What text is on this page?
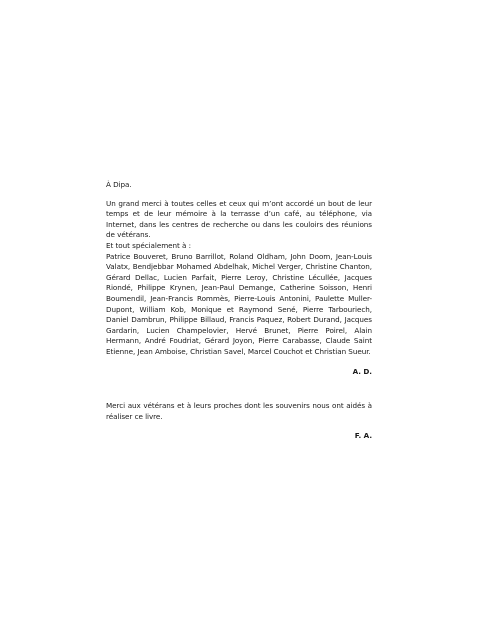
À Dipa.

Un grand merci à toutes celles et ceux qui m’ont accordé un bout de leur temps et de leur mémoire à la terrasse d’un café, au téléphone, via Internet, dans les centres de recherche ou dans les couloirs des réunions de vétérans.

Et tout spécialement à :

Patrice Bouveret, Bruno Barrillot, Roland Oldham, John Doom, Jean-Louis Valatx, Bendjebbar Mohamed Abdelhak, Michel Verger, Christine Chanton, Gérard Dellac, Lucien Parfait, Pierre Leroy, Christine Lécullée, Jacques Riondé, Philippe Krynen, Jean-Paul Demange, Catherine Soisson, Henri Boumendil, Jean-Francis Rommès, Pierre-Louis Antonini, Paulette Muller-Dupont, William Kob, Monique et Raymond Sené, Pierre Tarbouriech, Daniel Dambrun, Philippe Billaud, Francis Paquez, Robert Durand, Jacques Gardarin, Lucien Champelovier, Hervé Brunet, Pierre Poirel, Alain Hermann, André Foudriat, Gérard Joyon, Pierre Carabasse, Claude Saint Etienne, Jean Amboise, Christian Savel, Marcel Couchot et Christian Sueur.

A. D.

Merci aux vétérans et à leurs proches dont les souvenirs nous ont aidés à réaliser ce livre.

F. A.
